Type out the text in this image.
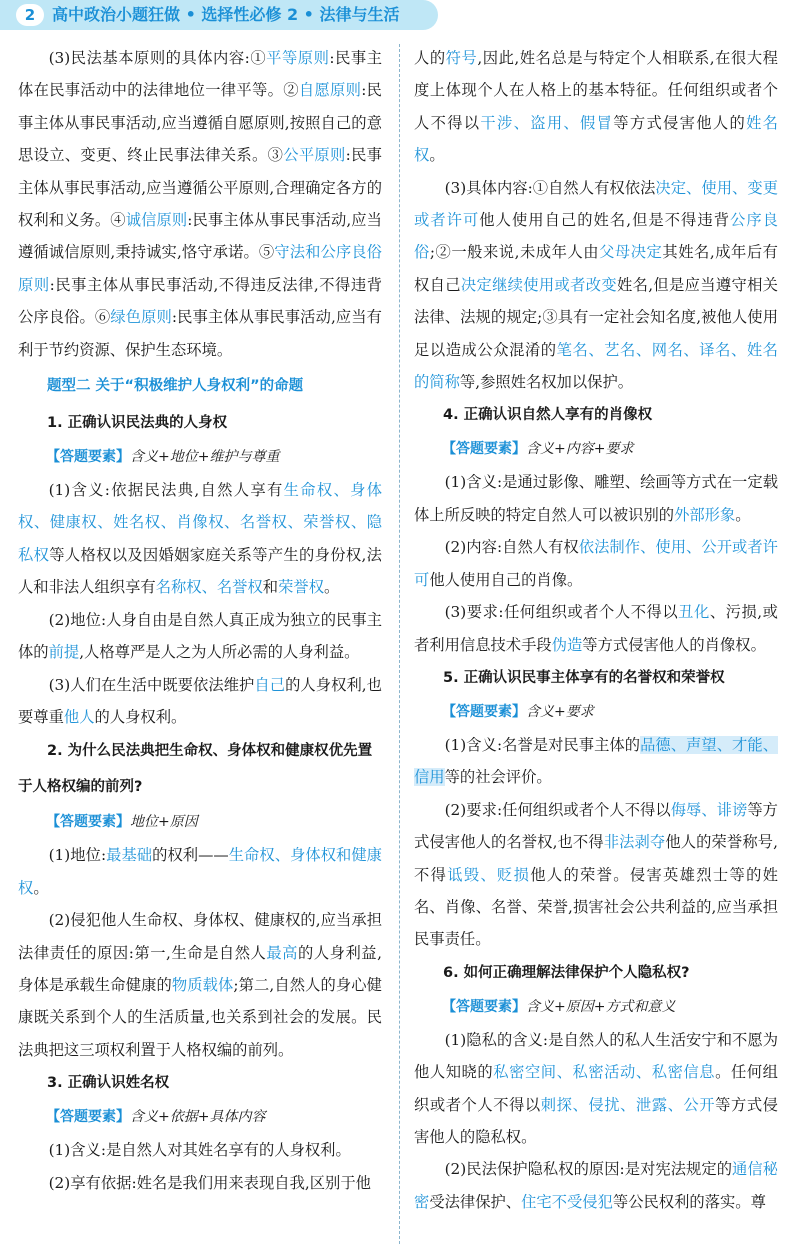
2	高中政治小题狂做 • 选择性必修 2 • 法律与生活

(3)民法基本原则的具体内容:①平等原则:民事主体在民事活动中的法律地位一律平等。②自愿原则:民事主体从事民事活动,应当遵循自愿原则,按照自己的意思设立、变更、终止民事法律关系。③公平原则:民事主体从事民事活动,应当遵循公平原则,合理确定各方的权利和义务。④诚信原则:民事主体从事民事活动,应当遵循诚信原则,秉持诚实,恪守承诺。⑤守法和公序良俗原则:民事主体从事民事活动,不得违反法律,不得违背公序良俗。⑥绿色原则:民事主体从事民事活动,应当有利于节约资源、保护生态环境。

题型二 关于“积极维护人身权利”的命题
1. 正确认识民法典的人身权
【答题要素】含义+地位+维护与尊重

(1)含义:依据民法典,自然人享有生命权、身体权、健康权、姓名权、肖像权、名誉权、荣誉权、隐私权等人格权以及因婚姻家庭关系等产生的身份权,法人和非法人组织享有名称权、名誉权和荣誉权。

(2)地位:人身自由是自然人真正成为独立的民事主体的前提,人格尊严是人之为人所必需的人身利益。

(3)人们在生活中既要依法维护自己的人身权利,也要尊重他人的人身权利。

2. 为什么民法典把生命权、身体权和健康权优先置于人格权编的前列?
【答题要素】地位+原因

(1)地位:最基础的权利——生命权、身体权和健康权。

(2)侵犯他人生命权、身体权、健康权的,应当承担法律责任的原因:第一,生命是自然人最高的人身利益,身体是承载生命健康的物质载体;第二,自然人的身心健康既关系到个人的生活质量,也关系到社会的发展。民法典把这三项权利置于人格权编的前列。

3. 正确认识姓名权
【答题要素】含义+依据+具体内容

(1)含义:是自然人对其姓名享有的人身权利。

(2)享有依据:姓名是我们用来表现自我,区别于他

人的符号,因此,姓名总是与特定个人相联系,在很大程度上体现个人在人格上的基本特征。任何组织或者个人不得以干涉、盗用、假冒等方式侵害他人的姓名权。

(3)具体内容:①自然人有权依法决定、使用、变更或者许可他人使用自己的姓名,但是不得违背公序良俗;②一般来说,未成年人由父母决定其姓名,成年后有权自己决定继续使用或者改变姓名,但是应当遵守相关法律、法规的规定;③具有一定社会知名度,被他人使用足以造成公众混淆的笔名、艺名、网名、译名、姓名的简称等,参照姓名权加以保护。

4. 正确认识自然人享有的肖像权
【答题要素】含义+内容+要求

(1)含义:是通过影像、雕塑、绘画等方式在一定载体上所反映的特定自然人可以被识别的外部形象。

(2)内容:自然人有权依法制作、使用、公开或者许可他人使用自己的肖像。

(3)要求:任何组织或者个人不得以丑化、污损,或者利用信息技术手段伪造等方式侵害他人的肖像权。

5. 正确认识民事主体享有的名誉权和荣誉权
【答题要素】含义+要求

(1)含义:名誉是对民事主体的品德、声望、才能、信用等的社会评价。

(2)要求:任何组织或者个人不得以侮辱、诽谤等方式侵害他人的名誉权,也不得非法剥夺他人的荣誉称号,不得诋毁、贬损他人的荣誉。侵害英雄烈士等的姓名、肖像、名誉、荣誉,损害社会公共利益的,应当承担民事责任。

6. 如何正确理解法律保护个人隐私权?
【答题要素】含义+原因+方式和意义

(1)隐私的含义:是自然人的私人生活安宁和不愿为他人知晓的私密空间、私密活动、私密信息。任何组织或者个人不得以刺探、侵扰、泄露、公开等方式侵害他人的隐私权。

(2)民法保护隐私权的原因:是对宪法规定的通信秘密受法律保护、住宅不受侵犯等公民权利的落实。尊
